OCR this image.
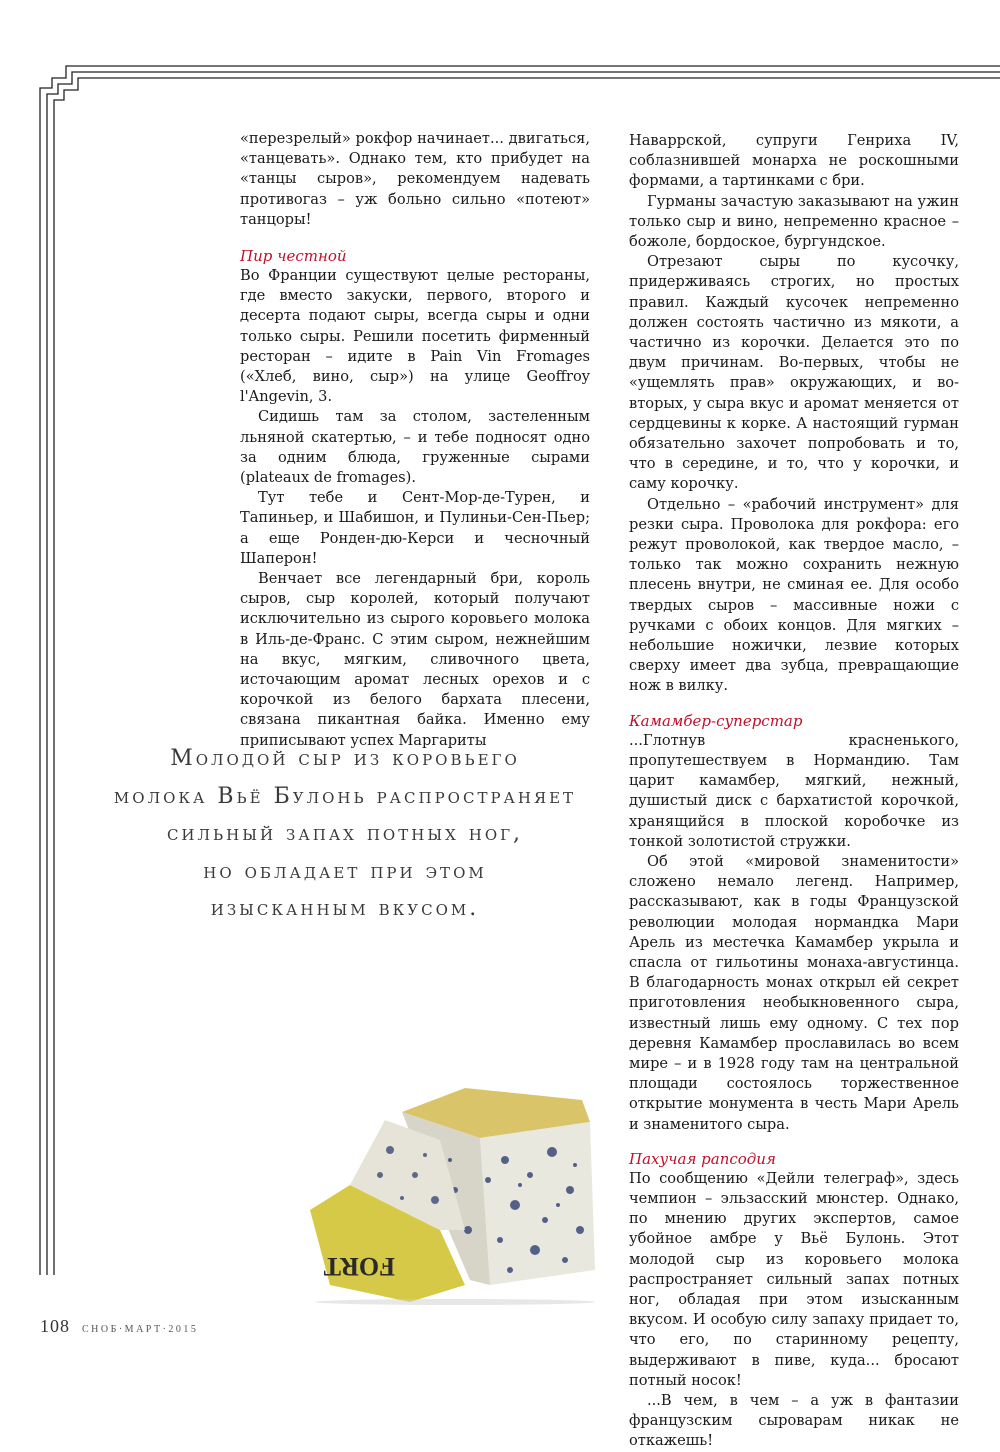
«перезрелый» рокфор начинает... двигаться, «танцевать». Однако тем, кто прибудет на «танцы сыров», рекомендуем надевать противогаз – уж больно сильно «потеют» танцоры!

Пир честной

Во Франции существуют целые рестораны, где вместо закуски, первого, второго и десерта подают сыры, всегда сыры и одни только сыры. Решили посетить фирменный ресторан – идите в Pain Vin Fromages («Хлеб, вино, сыр») на улице Geoffroy l'Angevin, 3.

Сидишь там за столом, застеленным льняной скатертью, – и тебе подносят одно за одним блюда, груженные сырами (plateaux de fromages).

Тут тебе и Сент-Мор-де-Турен, и Тапиньер, и Шабишон, и Пулиньи-Сен-Пьер; а еще Ронден-дю-Керси и чесночный Шаперон!

Венчает все легендарный бри, король сыров, сыр королей, который получают исключительно из сырого коровьего молока в Иль-де-Франс. С этим сыром, нежнейшим на вкус, мягким, сливочного цвета, источающим аромат лесных орехов и с корочкой из белого бархата плесени, связана пикантная байка. Именно ему приписывают успех Маргариты

Наваррской, супруги Генриха IV, соблазнившей монарха не роскошными формами, а тартинками с бри.

Гурманы зачастую заказывают на ужин только сыр и вино, непременно красное – божоле, бордоское, бургундское.

Отрезают сыры по кусочку, придерживаясь строгих, но простых правил. Каждый кусочек непременно должен состоять частично из мякоти, а частично из корочки. Делается это по двум причинам. Во-первых, чтобы не «ущемлять прав» окружающих, и во-вторых, у сыра вкус и аромат меняется от сердцевины к корке. А настоящий гурман обязательно захочет попробовать и то, что в середине, и то, что у корочки, и саму корочку.

Отдельно – «рабочий инструмент» для резки сыра. Проволока для рокфора: его режут проволокой, как твердое масло, – только так можно сохранить нежную плесень внутри, не сминая ее. Для особо твердых сыров – массивные ножи с ручками с обоих концов. Для мягких – небольшие ножички, лезвие которых сверху имеет два зубца, превращающие нож в вилку.

Камамбер-суперстар

...Глотнув красненького, пропутешествуем в Нормандию. Там царит камамбер, мягкий, нежный, душистый диск с бархатистой корочкой, хранящийся в плоской коробочке из тонкой золотистой стружки.

Об этой «мировой знаменитости» сложено немало легенд. Например, рассказывают, как в годы Французской революции молодая нормандка Мари Арель из местечка Камамбер укрыла и спасла от гильотины монаха-августинца. В благодарность монах открыл ей секрет приготовления необыкновенного сыра, известный лишь ему одному. С тех пор деревня Камамбер прославилась во всем мире – и в 1928 году там на центральной площади состоялось торжественное открытие монумента в честь Мари Арель и знаменитого сыра.

Пахучая рапсодия

По сообщению «Дейли телеграф», здесь чемпион – эльзасский мюнстер. Однако, по мнению других экспертов, самое убойное амбре у Вьё Булонь. Этот молодой сыр из коровьего молока распространяет сильный запах потных ног, обладая при этом изысканным вкусом. И особую силу запаху придает то, что его, по старинному рецепту, выдерживают в пиве, куда... бросают потный носок!

...В чем, в чем – а уж в фантазии французским сыроварам никак не откажешь!

Молодой сыр из коровьего
молока Вьё Булонь распространяет
сильный запах потных ног,
но обладает при этом
изысканным вкусом.
FORT
108 СНОБ·МАРТ·2015
